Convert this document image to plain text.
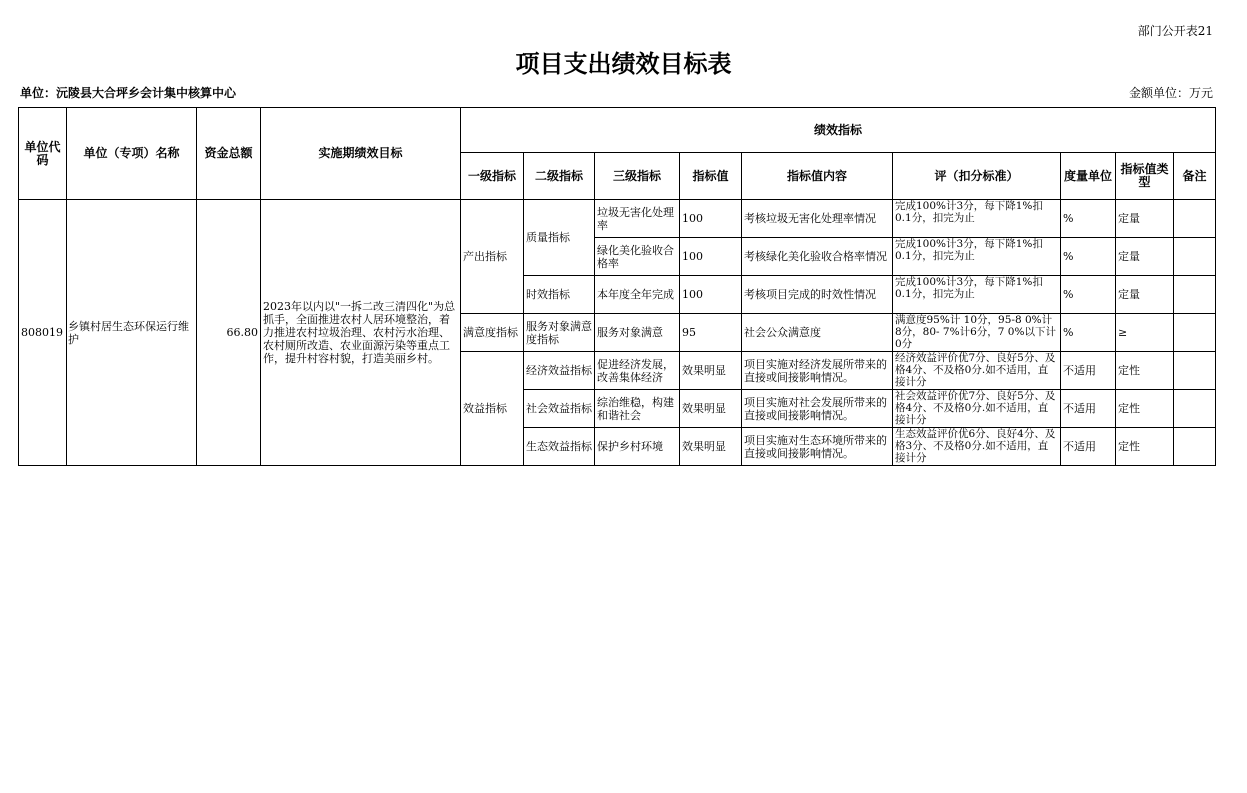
部门公开表21
项目支出绩效目标表
单位：沅陵县大合坪乡会计集中核算中心	金额单位：万元
单位代码	单位（专项）名称	资金总额	实施期绩效目标	绩效指标								
				一级指标	二级指标	三级指标	指标值	指标值内容	评（扣分标准）	度量单位	指标值类型	备注
808019	乡镇村居生态环保运行维护	66.80	2023年以内以"一拆二改三清四化"为总抓手，全面推进农村人居环境整治，着力推进农村垃圾治理、农村污水治理、农村厕所改造、农业面源污染等重点工作，提升村容村貌，打造美丽乡村。	产出指标	质量指标	垃圾无害化处理率	100	考核垃圾无害化处理率情况	完成100%计3分，每下降1%扣0.1分，扣完为止	%	定量	
						绿化美化验收合格率	100	考核绿化美化验收合格率情况	完成100%计3分，每下降1%扣0.1分，扣完为止	%	定量	
					时效指标	本年度全年完成	100	考核项目完成的时效性情况	完成100%计3分，每下降1%扣0.1分，扣完为止	%	定量	
				满意度指标	服务对象满意度指标	服务对象满意	95	社会公众满意度	满意度95%计 10分，95-8 0%计8分，80- 7%计6分，7 0%以下计0分	%	≥	
				效益指标	经济效益指标	促进经济发展，改善集体经济	效果明显	项目实施对经济发展所带来的直接或间接影响情况。	经济效益评价优7分、良好5分、及格4分、不及格0分.如不适用，直接计分	不适用	定性	
					社会效益指标	综治维稳，构建和谐社会	效果明显	项目实施对社会发展所带来的直接或间接影响情况。	社会效益评价优7分、良好5分、及格4分、不及格0分.如不适用，直接计分	不适用	定性	
					生态效益指标	保护乡村环境	效果明显	项目实施对生态环境所带来的直接或间接影响情况。	生态效益评价优6分、良好4分、及格3分、不及格0分.如不适用，直接计分	不适用	定性	
